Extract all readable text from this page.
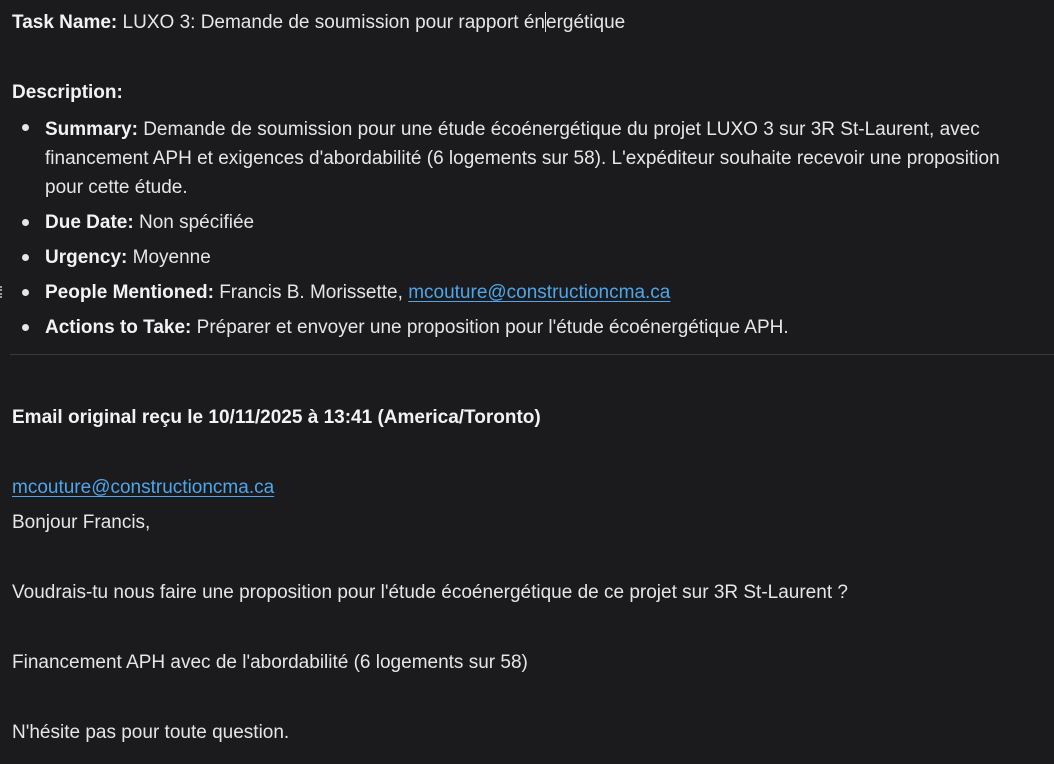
Task Name: LUXO 3: Demande de soumission pour rapport énergétique
Description:
Summary: Demande de soumission pour une étude écoénergétique du projet LUXO 3 sur 3R St-Laurent, avec
financement APH et exigences d'abordabilité (6 logements sur 58). L'expéditeur souhaite recevoir une proposition
pour cette étude.
Due Date: Non spécifiée
Urgency: Moyenne
People Mentioned: Francis B. Morissette, mcouture@constructioncma.ca
Actions to Take: Préparer et envoyer une proposition pour l'étude écoénergétique APH.
Email original reçu le 10/11/2025 à 13:41 (America/Toronto)
mcouture@constructioncma.ca
Bonjour Francis,
Voudrais-tu nous faire une proposition pour l'étude écoénergétique de ce projet sur 3R St-Laurent ?
Financement APH avec de l'abordabilité (6 logements sur 58)
N'hésite pas pour toute question.
